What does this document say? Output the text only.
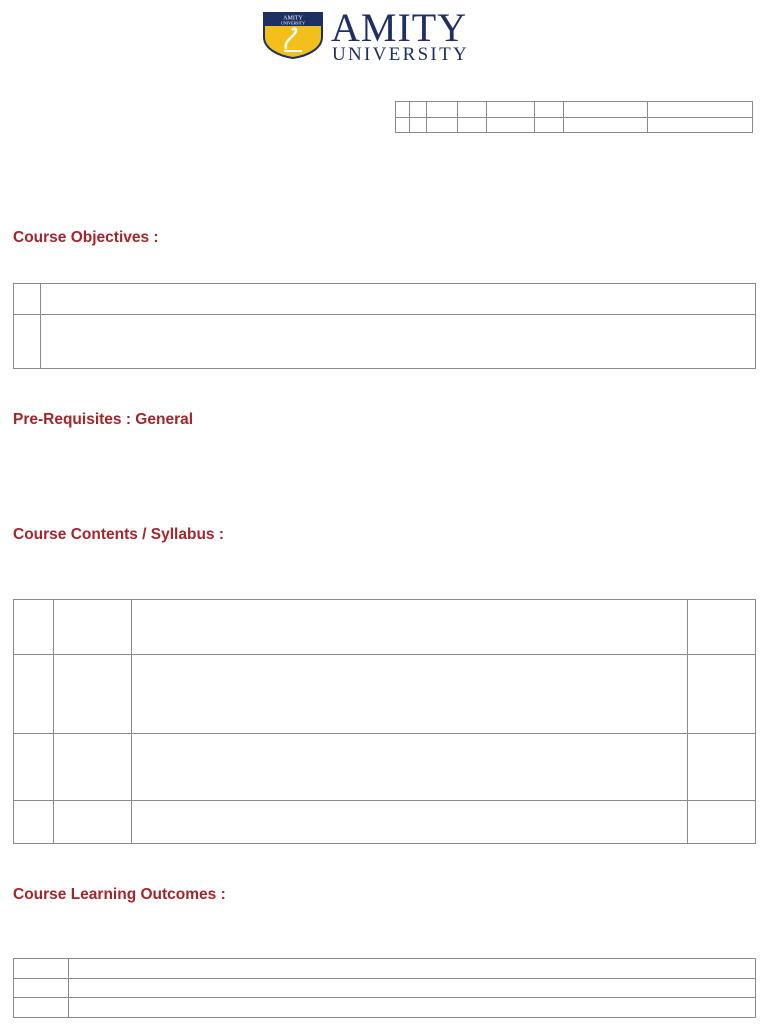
AMITY
UNIVERSITY AMITY
UNIVERSITY

Course Objectives :

Pre-Requisites : General
Course Contents / Syllabus :

Course Learning Outcomes :
